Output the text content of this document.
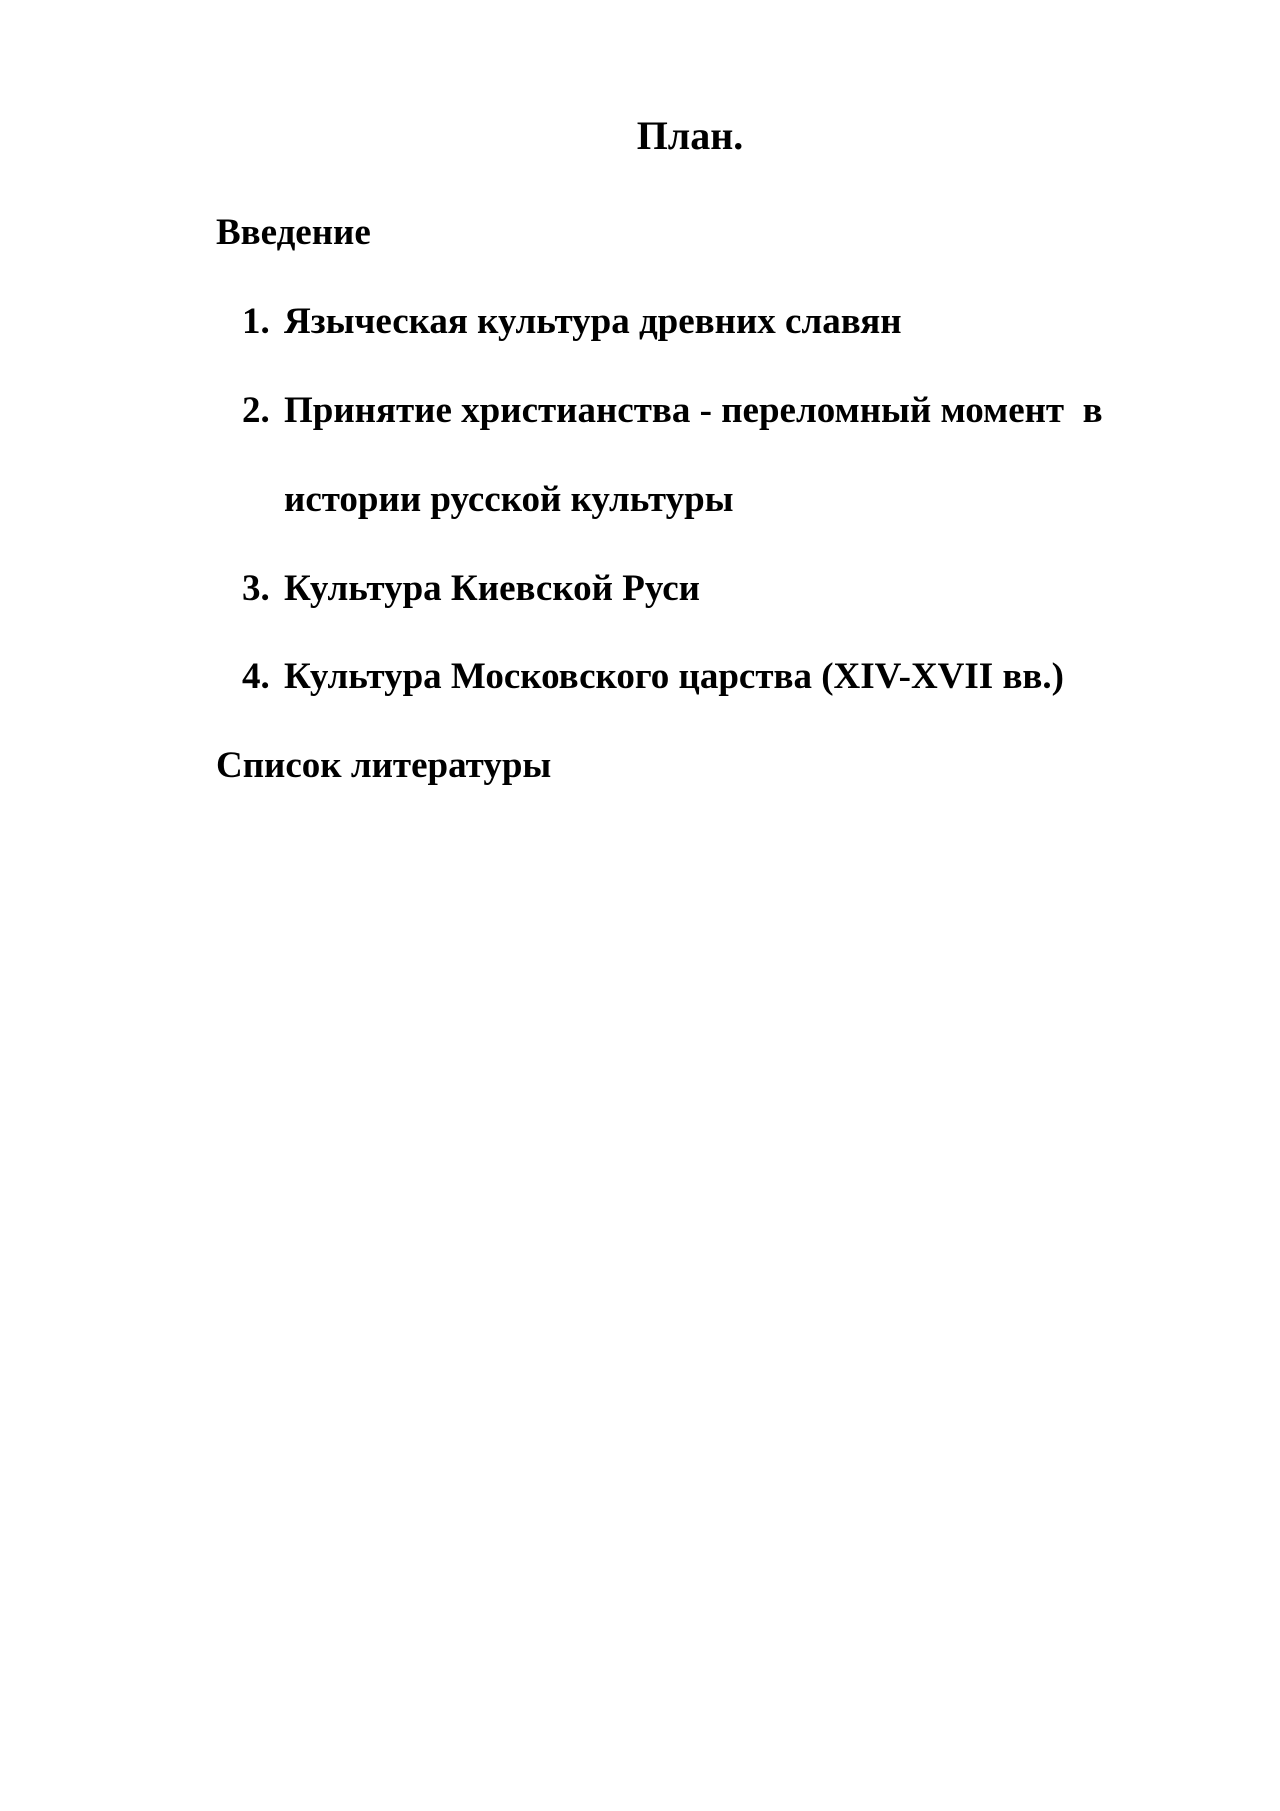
План.
Введение
1. Языческая культура древних славян
2. Принятие христианства - переломный момент  в
истории русской культуры
3. Культура Киевской Руси
4. Культура Московского царства (XIV-XVII вв.)
Список литературы
